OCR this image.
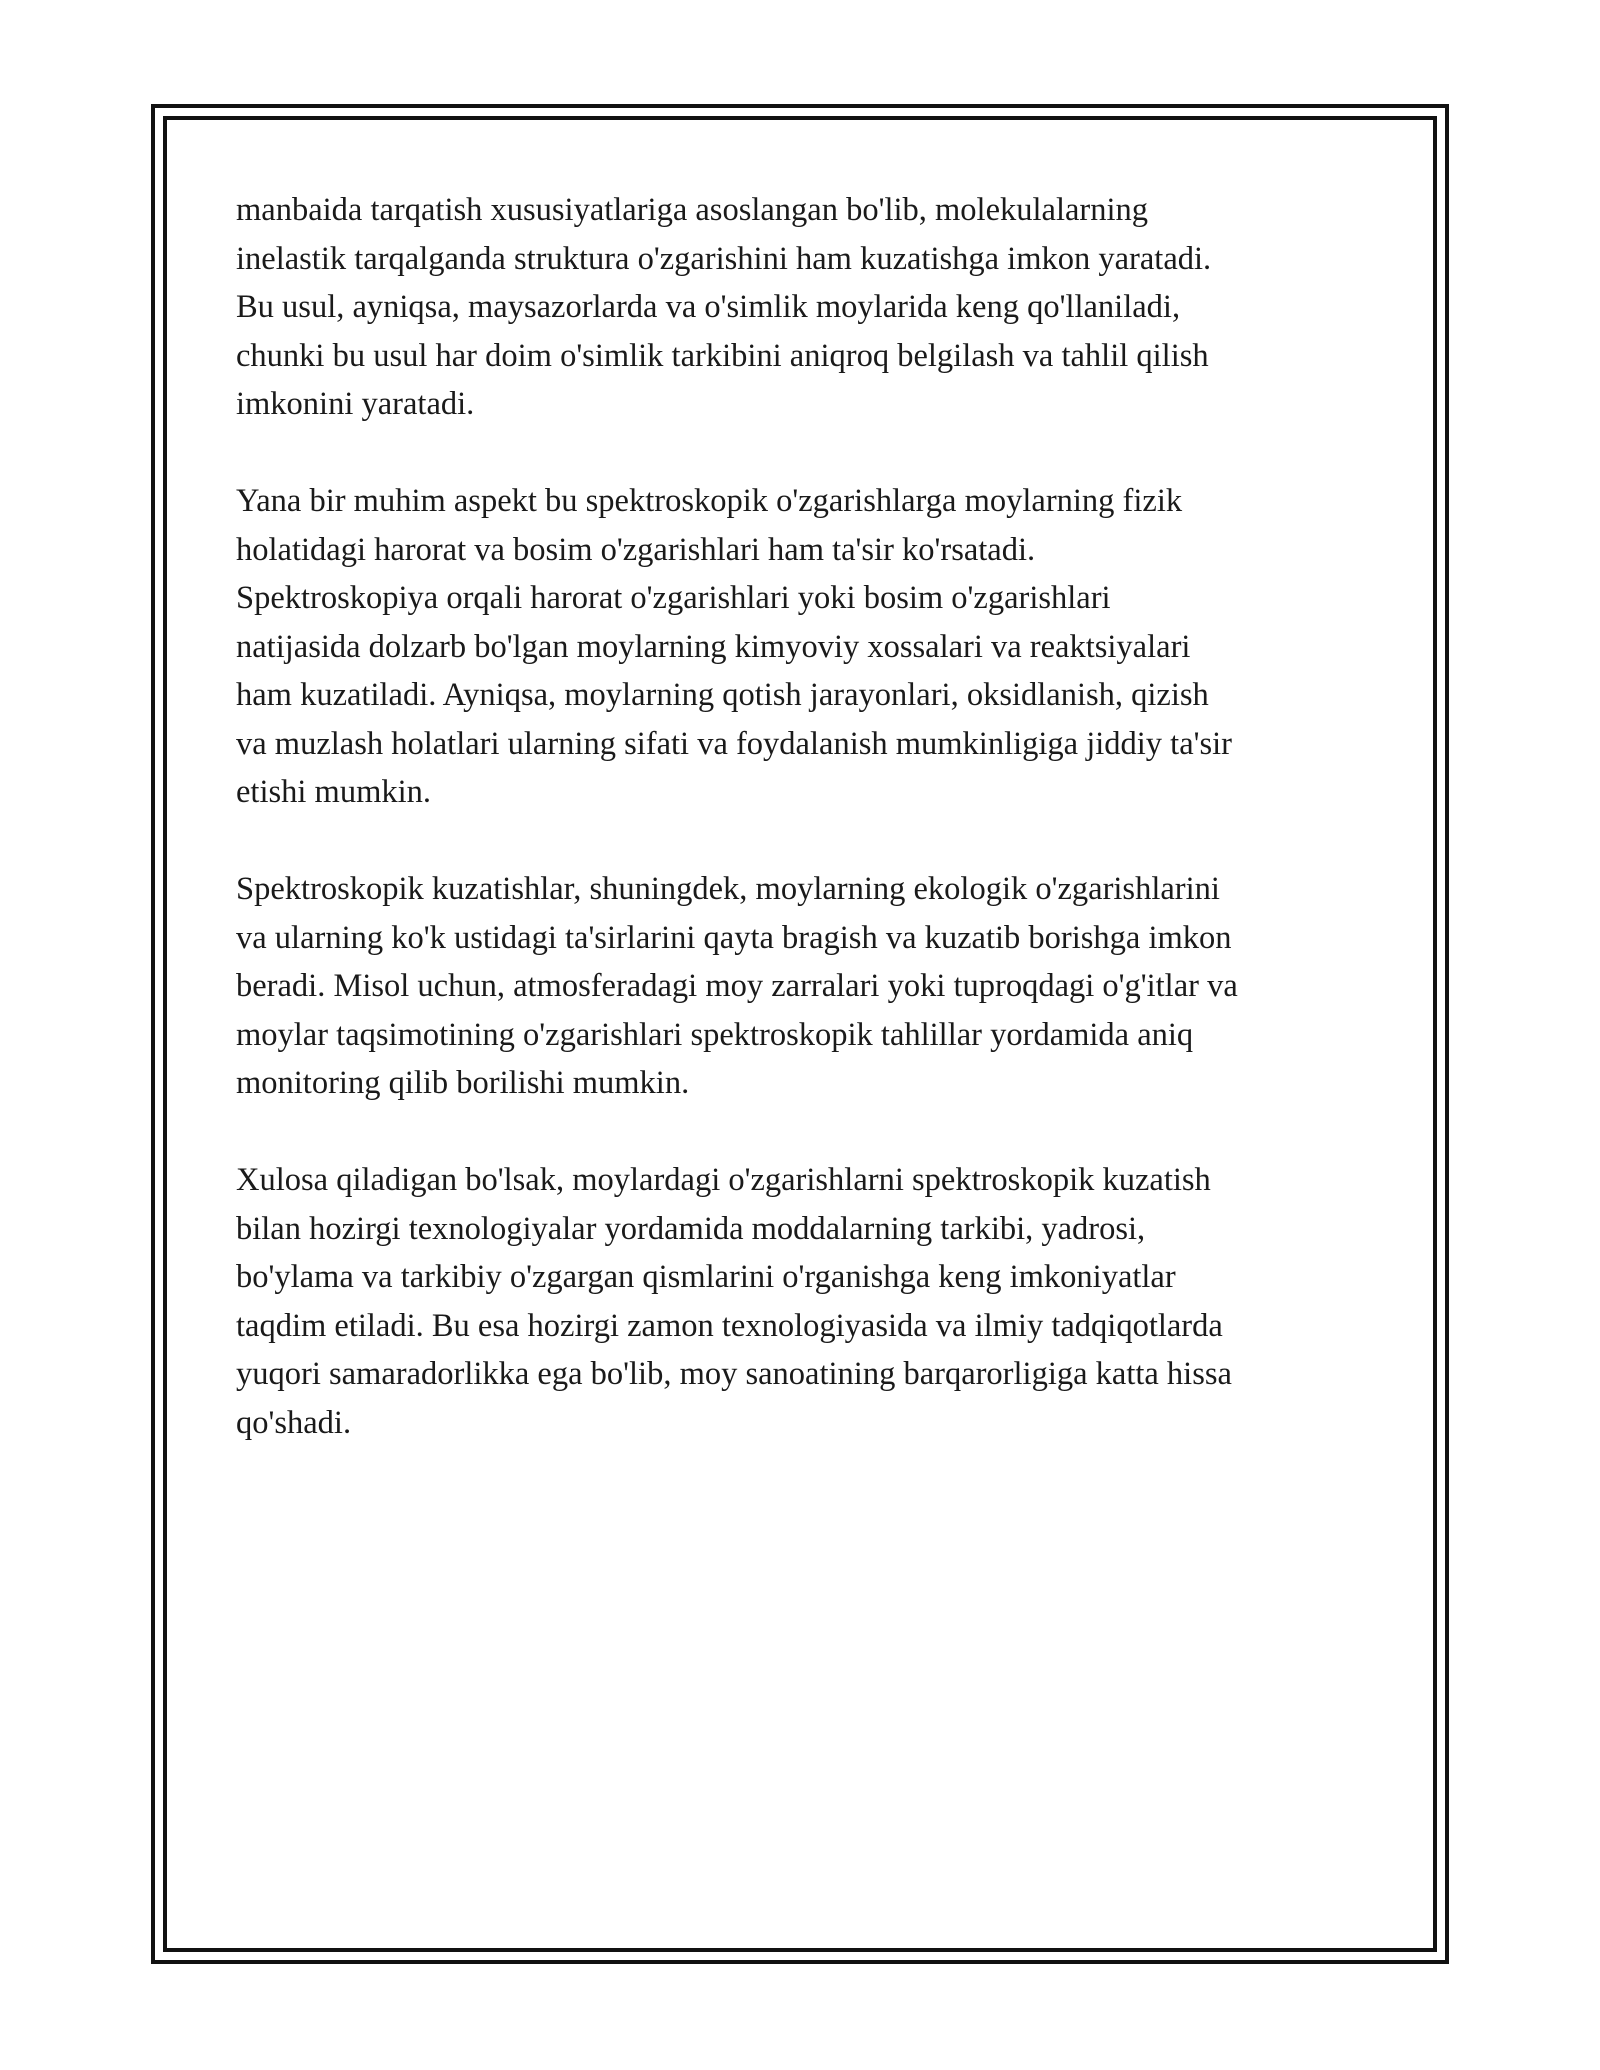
manbaida tarqatish xususiyatlariga asoslangan bo'lib, molekulalarning
inelastik tarqalganda struktura o'zgarishini ham kuzatishga imkon yaratadi.
Bu usul, ayniqsa, maysazorlarda va o'simlik moylarida keng qo'llaniladi,
chunki bu usul har doim o'simlik tarkibini aniqroq belgilash va tahlil qilish
imkonini yaratadi.

Yana bir muhim aspekt bu spektroskopik o'zgarishlarga moylarning fizik
holatidagi harorat va bosim o'zgarishlari ham ta'sir ko'rsatadi.
Spektroskopiya orqali harorat o'zgarishlari yoki bosim o'zgarishlari
natijasida dolzarb bo'lgan moylarning kimyoviy xossalari va reaktsiyalari
ham kuzatiladi. Ayniqsa, moylarning qotish jarayonlari, oksidlanish, qizish
va muzlash holatlari ularning sifati va foydalanish mumkinligiga jiddiy ta'sir
etishi mumkin.

Spektroskopik kuzatishlar, shuningdek, moylarning ekologik o'zgarishlarini
va ularning ko'k ustidagi ta'sirlarini qayta bragish va kuzatib borishga imkon
beradi. Misol uchun, atmosferadagi moy zarralari yoki tuproqdagi o'g'itlar va
moylar taqsimotining o'zgarishlari spektroskopik tahlillar yordamida aniq
monitoring qilib borilishi mumkin.

Xulosa qiladigan bo'lsak, moylardagi o'zgarishlarni spektroskopik kuzatish
bilan hozirgi texnologiyalar yordamida moddalarning tarkibi, yadrosi,
bo'ylama va tarkibiy o'zgargan qismlarini o'rganishga keng imkoniyatlar
taqdim etiladi. Bu esa hozirgi zamon texnologiyasida va ilmiy tadqiqotlarda
yuqori samaradorlikka ega bo'lib, moy sanoatining barqarorligiga katta hissa
qo'shadi.
